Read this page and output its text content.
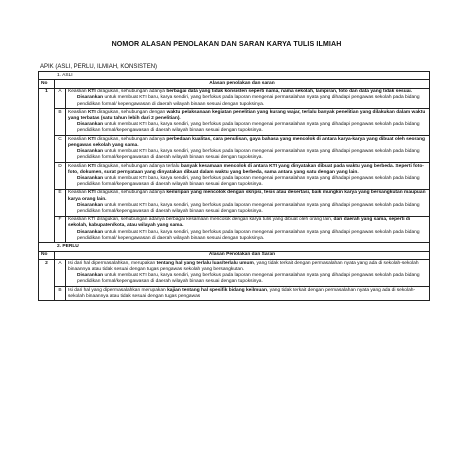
NOMOR ALASAN PENOLAKAN DAN SARAN KARYA TULIS ILMIAH
APIK (ASLI, PERLU, ILMIAH, KONSISTEN)
1. ASLI		
No	Alasan penolakan dan saran	
1	A	Keaslian KTI diragukan, sehubungan adanya berbagai data yang tidak konsisten seperti nama, nama sekolah, lampiran, foto dan data yang tidak sesuai.
Disarankan untuk membuat KTI baru, karya sendiri, yang berfokus pada laporan mengenai permasalahan nyata yang dihadapi pengawas sekolah pada bidang pendidikan formal/ kepengawasan di daerah wilayah binaan sesuai dengan tupoksinya.

	B	Keaslian KTI diragukan, sehubungan dengan waktu pelaksanaan kegiatan penelitian yang kurang wajar, terlalu banyak penelitian yang dilakukan dalam waktu yang terbatas (satu tahun lebih dari 2 penelitian).
Disarankan untuk membuat KTI baru, karya sendiri, yang berfokus pada laporan mengenai permasalahan nyata yang dihadapi pengawas sekolah pada bidang pendidikan formal/kepengawasan di daerah wilayah binaan sesuai dengan tupoksinya.

	C	Keaslian KTI diragukan, sehubungan adanya perbedaan kualitas, cara penulisan, gaya bahasa yang mencolok di antara karya-karya yang dibuat oleh seorang pengawas sekolah yang sama.
Disarankan untuk membuat KTI baru, karya sendiri, yang berfokus pada laporan mengenai permasalahan nyata yang dihadapi pengawas sekolah pada bidang pendidikan formal/kepengawasan di daerah wilayah binaan sesuai dengan tupoksinya.

	D	Keaslian KTI diragukan, sehubungan adanya terlalu banyak kesamaan mencolok di antara KTI yang dinyatakan dibuat pada waktu yang berbeda. Seperti foto-foto, dokumen, surat pernyataan yang dinyatakan dibuat dalam waktu yang berbeda, sama antara yang satu dengan yang lain.
Disarankan untuk membuat KTI baru, karya sendiri, yang berfokus pada laporan mengenai permasalahan nyata yang dihadapi pengawas sekolah pada bidang pendidikan formal/kepengawasan di daerah wilayah binaan sesuai dengan tupoksinya.

	E	Keaslian KTI diragukan, sehubungan adanya kemiripan yang mencolok dengan skripsi, tesis atau desertasi, baik mungkin karya yang bersangkutan maupuan karya orang lain.
Disarankan untuk membuat KTI baru, karya sendiri, yang berfokus pada laporan mengenai permasalahan nyata yang dihadapi pengawas sekolah pada bidang pendidikan formal/kepengawasan di daerah wilayah binaan sesuai dengan tupoksinya.

	F	Keaslian KTI diragukan, sehubungan adanya berbagai kesamaan mencolok dengan karya tulis yang dibuat oleh orang lain, dari daerah yang sama, seperti di sekolah, kabupaten/kota, atau wilayah yang sama.
Disarankan untuk membuat KTI baru, karya sendiri, yang berfokus pada laporan mengenai permasalahan nyata yang dihadapi pengawas sekolah pada bidang pendidikan formal/ kepengawasan di daerah wilayah binaan sesuai dengan tupoksinya.

2. PERLU		
No	Alasan Penolakan dan Saran	
2	A	Isi dari hal dipermasalahkan, merupakan tentang hal yang terlalu luas/terlalu umum, yang tidak terkait dengan permasalahan nyata yang ada di sekolah-sekolah binaannya atau tidak sesuai dengan tugas pengawas sekolah yang bersangkutan.
Disarankan untuk membuat KTI baru, karya sendiri, yang berfokus pada laporan mengenai permasalahan nyata yang dihadapi pengawas sekolah pada bidang pendidikan formal/kepengawasan di daerah wilayah binaan sesuai dengan tupoksinya.

	B	Isi dari hal yang dipermasalahkan merupakan kajian tentang hal spesifik bidang keilmuan, yang tidak terkait dengan permasalahan nyata yang ada di sekolah-sekolah binaannya atau tidak sesuai dengan tugas pengawas
